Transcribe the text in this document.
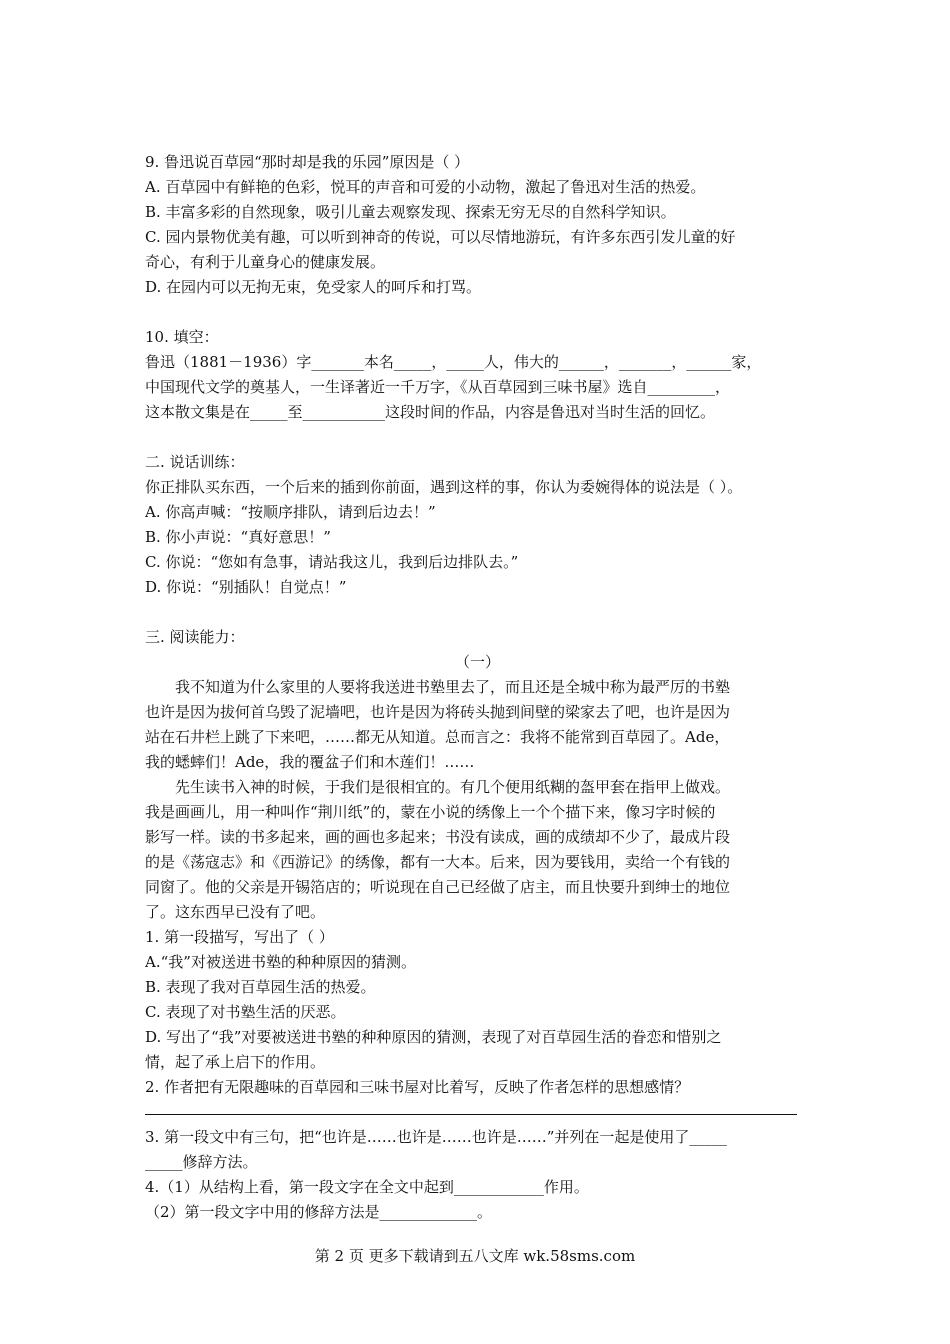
9. 鲁迅说百草园“那时却是我的乐园”原因是（ ）
A. 百草园中有鲜艳的色彩，悦耳的声音和可爱的小动物，激起了鲁迅对生活的热爱。
B. 丰富多彩的自然现象，吸引儿童去观察发现、探索无穷无尽的自然科学知识。
C. 园内景物优美有趣，可以听到神奇的传说，可以尽情地游玩，有许多东西引发儿童的好
奇心，有利于儿童身心的健康发展。
D. 在园内可以无拘无束，免受家人的呵斥和打骂。
10. 填空：
鲁迅（1881－1936）字_______本名_____，_____人，伟大的______，_______，______家，
中国现代文学的奠基人，一生译著近一千万字，《从百草园到三味书屋》选自_________，
这本散文集是在_____至___________这段时间的作品，内容是鲁迅对当时生活的回忆。
二. 说话训练：
你正排队买东西，一个后来的插到你前面，遇到这样的事，你认为委婉得体的说法是（ ）。
A. 你高声喊：“按顺序排队，请到后边去！”
B. 你小声说：“真好意思！”
C. 你说：“您如有急事，请站我这儿，我到后边排队去。”
D. 你说：“别插队！自觉点！”
三. 阅读能力：
（一）
我不知道为什么家里的人要将我送进书塾里去了，而且还是全城中称为最严厉的书塾
也许是因为拔何首乌毁了泥墙吧，也许是因为将砖头抛到间壁的梁家去了吧，也许是因为
站在石井栏上跳了下来吧，……都无从知道。总而言之：我将不能常到百草园了。Ade，
我的蟋蟀们！Ade，我的覆盆子们和木莲们！……
先生读书入神的时候，于我们是很相宜的。有几个便用纸糊的盔甲套在指甲上做戏。
我是画画儿，用一种叫作“荆川纸”的，蒙在小说的绣像上一个个描下来，像习字时候的
影写一样。读的书多起来，画的画也多起来；书没有读成，画的成绩却不少了，最成片段
的是《荡寇志》和《西游记》的绣像，都有一大本。后来，因为要钱用，卖给一个有钱的
同窗了。他的父亲是开锡箔店的；听说现在自己已经做了店主，而且快要升到绅士的地位
了。这东西早已没有了吧。
1. 第一段描写，写出了（ ）
A.“我”对被送进书塾的种种原因的猜测。
B. 表现了我对百草园生活的热爱。
C. 表现了对书塾生活的厌恶。
D. 写出了“我”对要被送进书塾的种种原因的猜测，表现了对百草园生活的眷恋和惜别之
情，起了承上启下的作用。
2. 作者把有无限趣味的百草园和三味书屋对比着写，反映了作者怎样的思想感情？
3. 第一段文中有三句，把“也许是……也许是……也许是……”并列在一起是使用了_____
_____修辞方法。
4.（1）从结构上看，第一段文字在全文中起到____________作用。
（2）第一段文字中用的修辞方法是_____________。
第 2 页 更多下载请到五八文库 wk.58sms.com
